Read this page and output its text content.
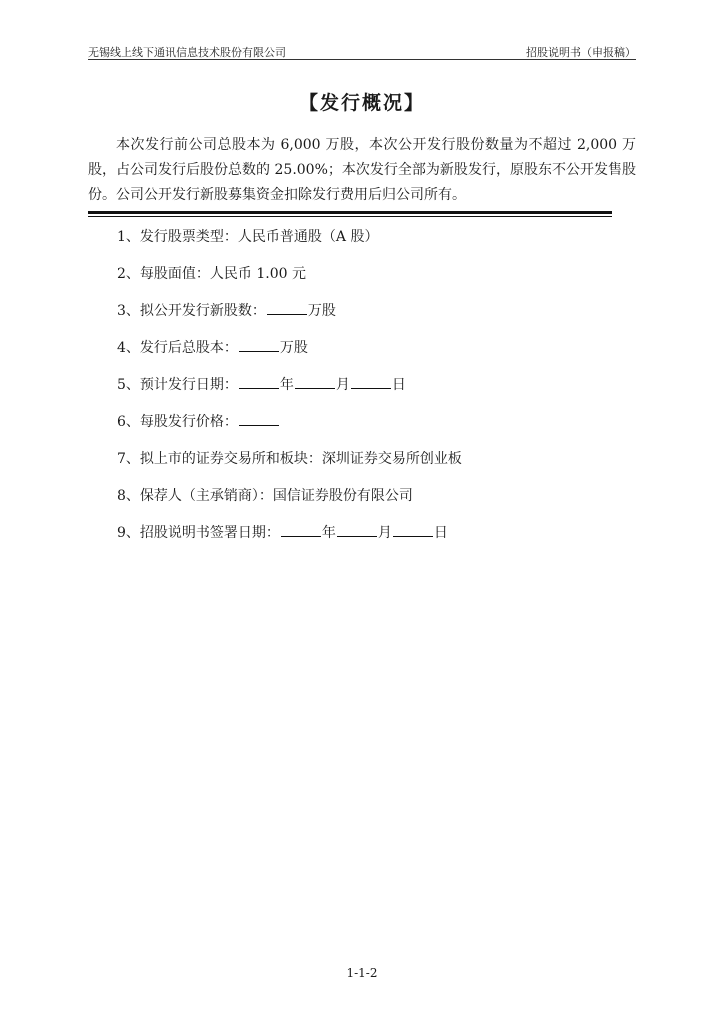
无锡线上线下通讯信息技术股份有限公司	招股说明书（申报稿）
【发行概况】
本次发行前公司总股本为 6,000 万股，本次公开发行股份数量为不超过 2,000 万股，占公司发行后股份总数的 25.00%；本次发行全部为新股发行，原股东不公开发售股份。公司公开发行新股募集资金扣除发行费用后归公司所有。
1、发行股票类型：人民币普通股（A 股）
2、每股面值：人民币 1.00 元
3、拟公开发行新股数：	万股
4、发行后总股本：	万股
5、预计发行日期：	年	月	日
6、每股发行价格：
7、拟上市的证券交易所和板块：深圳证券交易所创业板
8、保荐人（主承销商）：国信证券股份有限公司
9、招股说明书签署日期：	年	月	日
1-1-2
